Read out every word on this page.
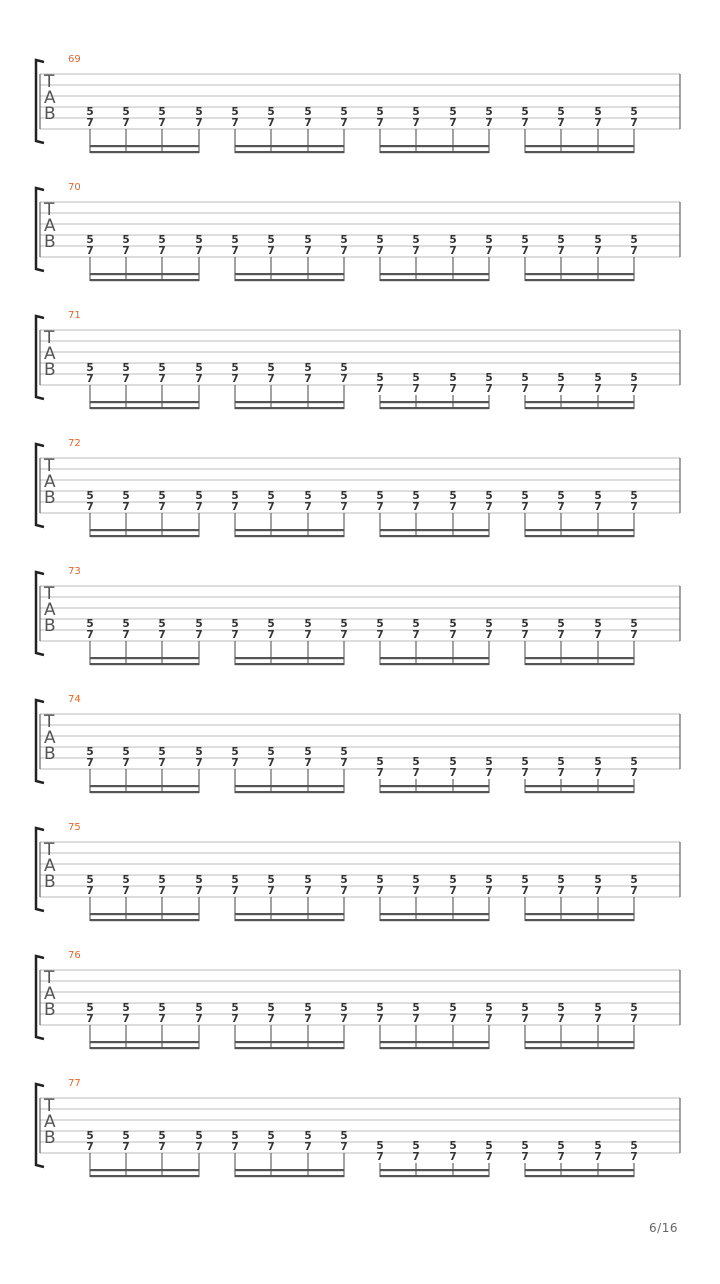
69
T
A
B	5
7
5
7
5
7
5
7
5
7
5
7
5
7
5
7
5
7
5
7
5
7
5
7
5
7
5
7
5
7
5
7
70
T
A
B	5
7
5
7
5
7
5
7
5
7
5
7
5
7
5
7
5
7
5
7
5
7
5
7
5
7
5
7
5
7
5
7
71
T
A
B	5
7
5
7
5
7
5
7
5
7
5
7
5
7
5
7	5
7
5
7
5
7
5
7
5
7
5
7
5
7
5
7
72
T
A
B	5
7
5
7
5
7
5
7
5
7
5
7
5
7
5
7
5
7
5
7
5
7
5
7
5
7
5
7
5
7
5
7
73
T
A
B	5
7
5
7
5
7
5
7
5
7
5
7
5
7
5
7
5
7
5
7
5
7
5
7
5
7
5
7
5
7
5
7
74
T
A
B	5
7
5
7
5
7
5
7
5
7
5
7
5
7
5
7	5
7
5
7
5
7
5
7
5
7
5
7
5
7
5
7
75
T
A
B	5
7
5
7
5
7
5
7
5
7
5
7
5
7
5
7
5
7
5
7
5
7
5
7
5
7
5
7
5
7
5
7
76
T
A
B	5
7
5
7
5
7
5
7
5
7
5
7
5
7
5
7
5
7
5
7
5
7
5
7
5
7
5
7
5
7
5
7
77
T
A
B	5
7
5
7
5
7
5
7
5
7
5
7
5
7
5
7	5
7
5
7
5
7
5
7
5
7
5
7
5
7
5
7
6/16
